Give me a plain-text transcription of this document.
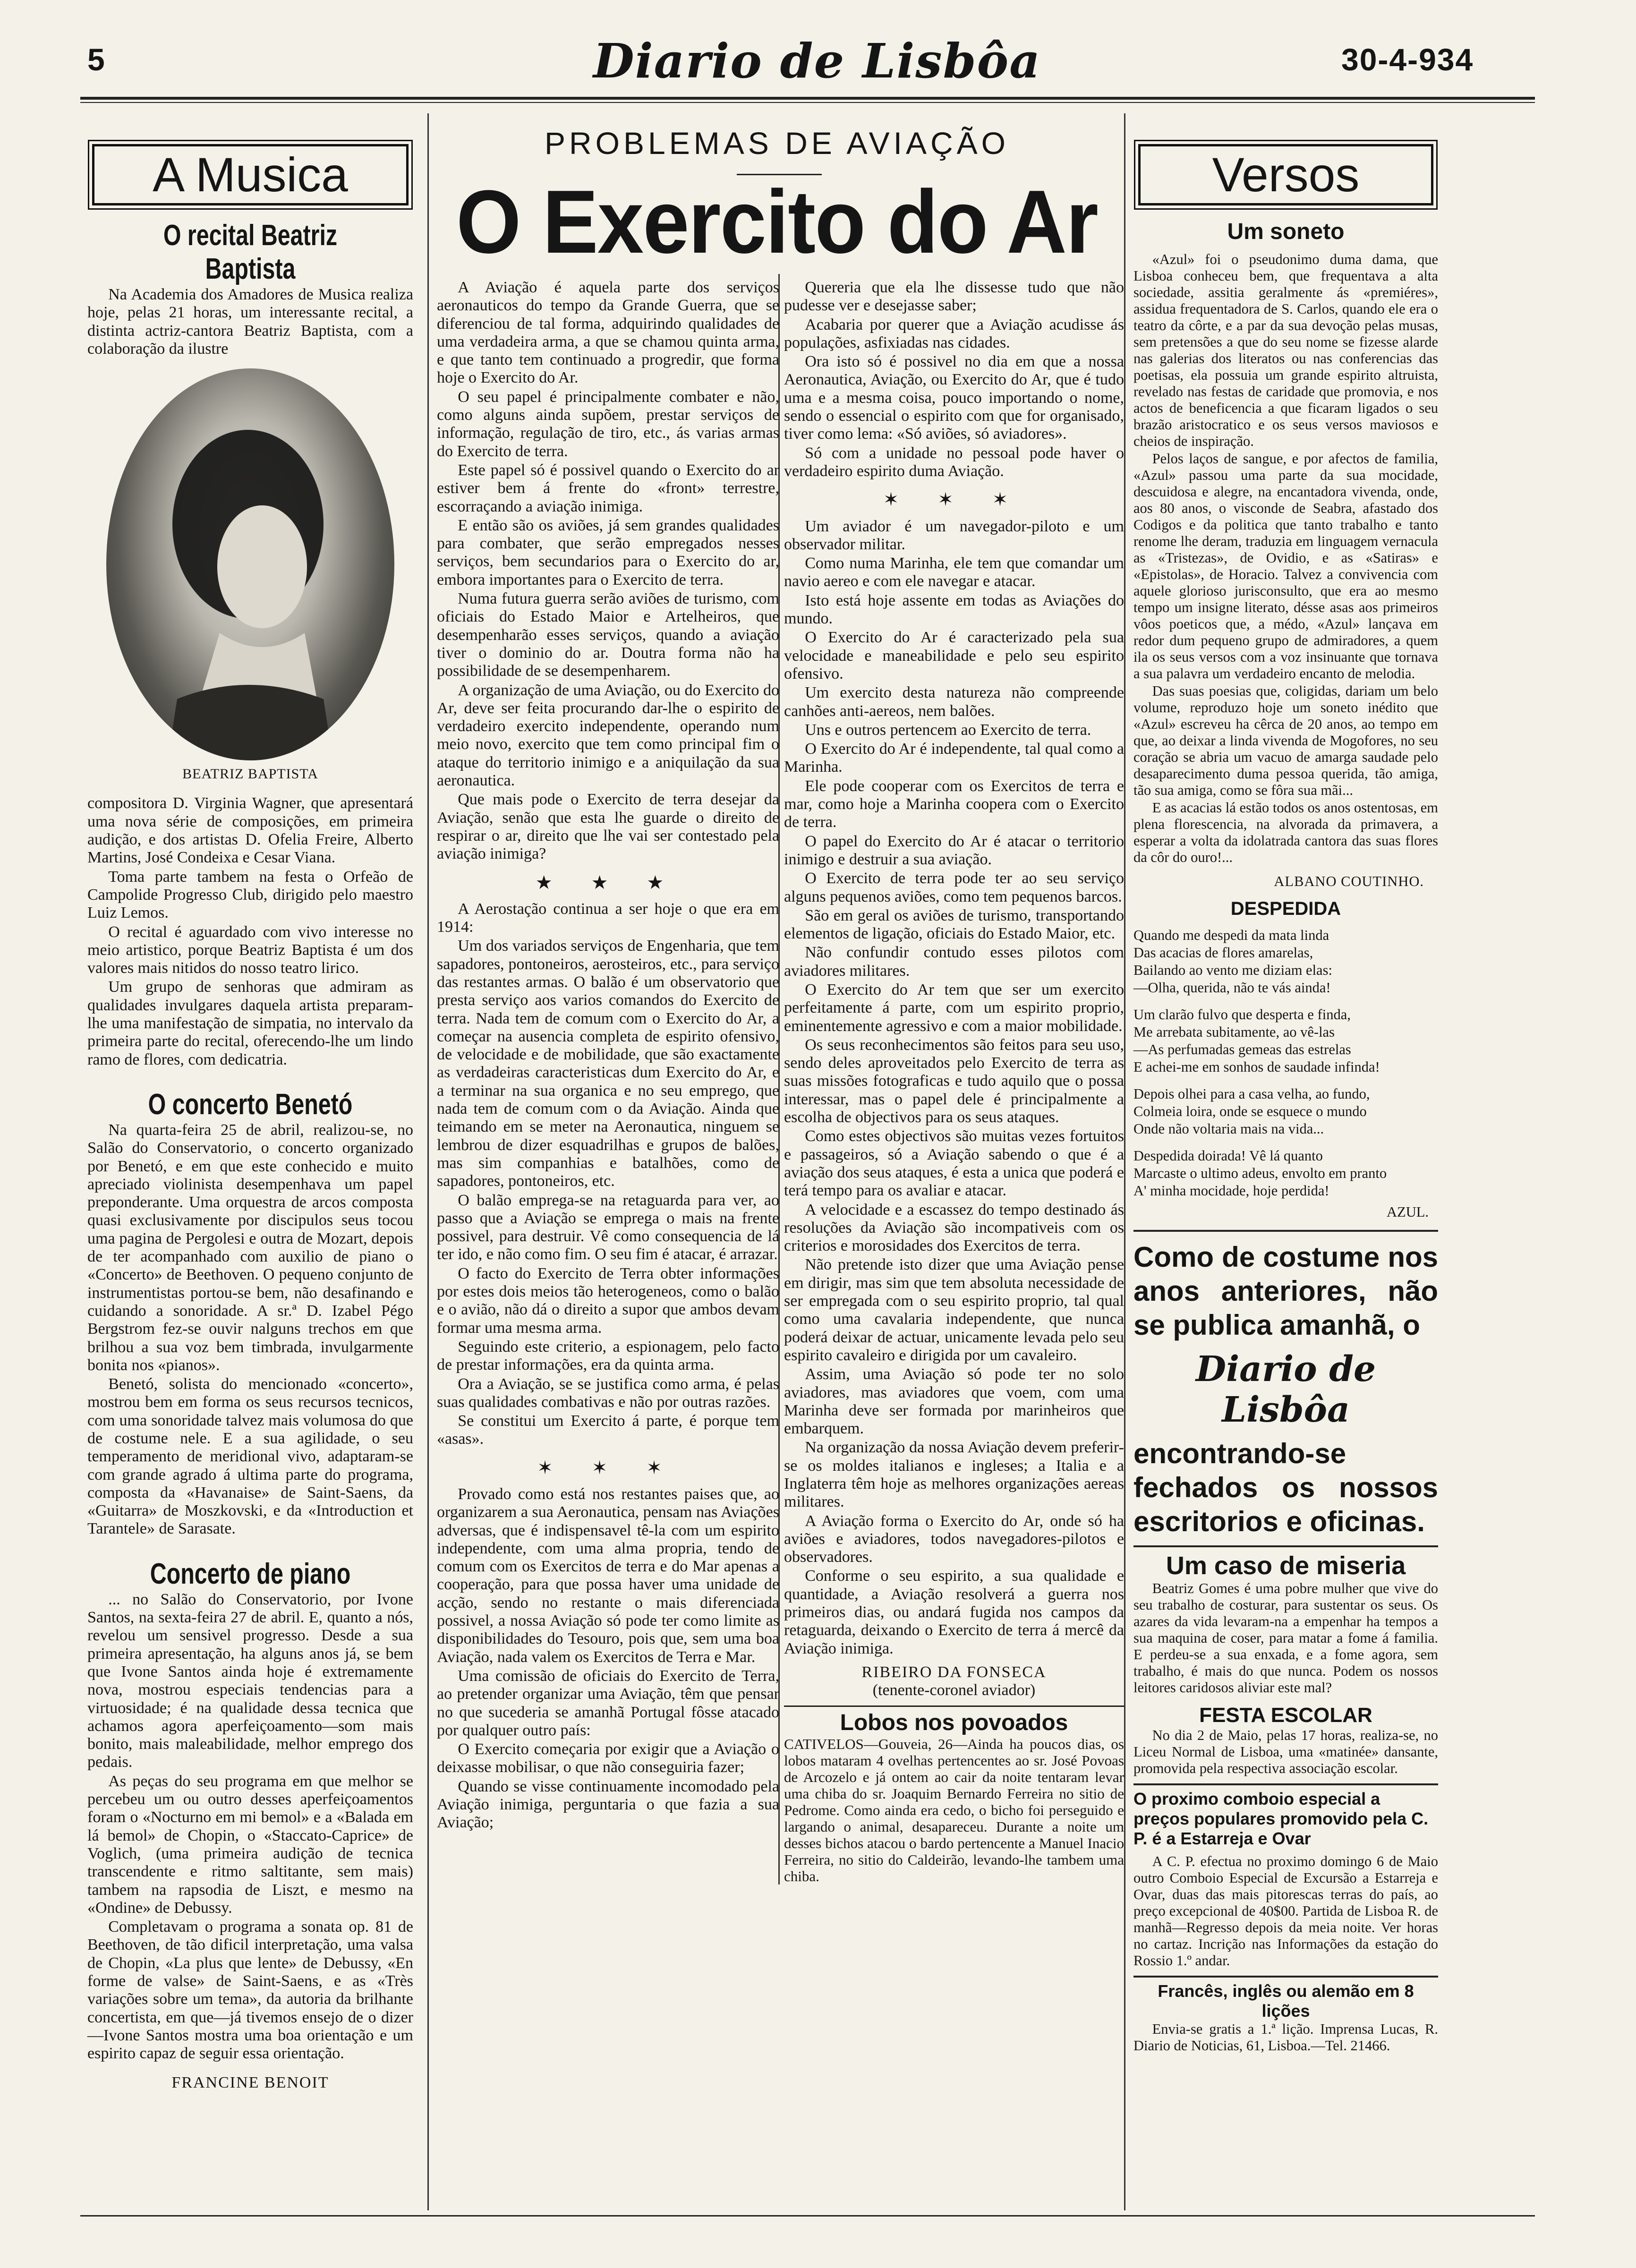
5	Diario de Lisbôa	30-4-934
A Musica
O recital Beatriz Baptista

Na Academia dos Amadores de Musica realiza hoje, pelas 21 horas, um interessante recital, a distinta actriz-cantora Beatriz Baptista, com a colaboração da ilustre

BEATRIZ BAPTISTA

compositora D. Virginia Wagner, que apresentará uma nova série de composições, em primeira audição, e dos artistas D. Ofelia Freire, Alberto Martins, José Condeixa e Cesar Viana.

Toma parte tambem na festa o Orfeão de Campolide Progresso Club, dirigido pelo maestro Luiz Lemos.

O recital é aguardado com vivo interesse no meio artistico, porque Beatriz Baptista é um dos valores mais nitidos do nosso teatro lirico.

Um grupo de senhoras que admiram as qualidades invulgares daquela artista preparam-lhe uma manifestação de simpatia, no intervalo da primeira parte do recital, oferecendo-lhe um lindo ramo de flores, com dedicatria.

O concerto Benetó

Na quarta-feira 25 de abril, realizou-se, no Salão do Conservatorio, o concerto organizado por Benetó, e em que este conhecido e muito apreciado violinista desempenhava um papel preponderante. Uma orquestra de arcos composta quasi exclusivamente por discipulos seus tocou uma pagina de Pergolesi e outra de Mozart, depois de ter acompanhado com auxilio de piano o «Concerto» de Beethoven. O pequeno conjunto de instrumentistas portou-se bem, não desafinando e cuidando a sonoridade. A sr.ª D. Izabel Pégo Bergstrom fez-se ouvir nalguns trechos em que brilhou a sua voz bem timbrada, invulgarmente bonita nos «pianos».

Benetó, solista do mencionado «concerto», mostrou bem em forma os seus recursos tecnicos, com uma sonoridade talvez mais volumosa do que de costume nele. E a sua agilidade, o seu temperamento de meridional vivo, adaptaram-se com grande agrado á ultima parte do programa, composta da «Havanaise» de Saint-Saens, da «Guitarra» de Moszkovski, e da «Introduction et Tarantele» de Sarasate.

Concerto de piano

... no Salão do Conservatorio, por Ivone Santos, na sexta-feira 27 de abril. E, quanto a nós, revelou um sensivel progresso. Desde a sua primeira apresentação, ha alguns anos já, se bem que Ivone Santos ainda hoje é extremamente nova, mostrou especiais tendencias para a virtuosidade; é na qualidade dessa tecnica que achamos agora aperfeiçoamento—som mais bonito, mais maleabilidade, melhor emprego dos pedais.

As peças do seu programa em que melhor se percebeu um ou outro desses aperfeiçoamentos foram o «Nocturno em mi bemol» e a «Balada em lá bemol» de Chopin, o «Staccato-Caprice» de Voglich, (uma primeira audição de tecnica transcendente e ritmo saltitante, sem mais) tambem na rapsodia de Liszt, e mesmo na «Ondine» de Debussy.

Completavam o programa a sonata op. 81 de Beethoven, de tão dificil interpretação, uma valsa de Chopin, «La plus que lente» de Debussy, «En forme de valse» de Saint-Saens, e as «Très variações sobre um tema», da autoria da brilhante concertista, em que—já tivemos ensejo de o dizer—Ivone Santos mostra uma boa orientação e um espirito capaz de seguir essa orientação.

FRANCINE BENOIT
PROBLEMAS DE AVIAÇÃO
O Exercito do Ar

A Aviação é aquela parte dos serviços aeronauticos do tempo da Grande Guerra, que se diferenciou de tal forma, adquirindo qualidades de uma verdadeira arma, a que se chamou quinta arma, e que tanto tem continuado a progredir, que forma hoje o Exercito do Ar.

O seu papel é principalmente combater e não, como alguns ainda supõem, prestar serviços de informação, regulação de tiro, etc., ás varias armas do Exercito de terra.

Este papel só é possivel quando o Exercito do ar estiver bem á frente do «front» terrestre, escorraçando a aviação inimiga.

E então são os aviões, já sem grandes qualidades para combater, que serão empregados nesses serviços, bem secundarios para o Exercito do ar, embora importantes para o Exercito de terra.

Numa futura guerra serão aviões de turismo, com oficiais do Estado Maior e Artelheiros, que desempenharão esses serviços, quando a aviação tiver o dominio do ar. Doutra forma não ha possibilidade de se desempenharem.

A organização de uma Aviação, ou do Exercito do Ar, deve ser feita procurando dar-lhe o espirito de verdadeiro exercito independente, operando num meio novo, exercito que tem como principal fim o ataque do territorio inimigo e a aniquilação da sua aeronautica.

Que mais pode o Exercito de terra desejar da Aviação, senão que esta lhe guarde o direito de respirar o ar, direito que lhe vai ser contestado pela aviação inimiga?

★ ★ ★

A Aerostação continua a ser hoje o que era em 1914:

Um dos variados serviços de Engenharia, que tem sapadores, pontoneiros, aerosteiros, etc., para serviço das restantes armas. O balão é um observatorio que presta serviço aos varios comandos do Exercito de terra. Nada tem de comum com o Exercito do Ar, a começar na ausencia completa de espirito ofensivo, de velocidade e de mobilidade, que são exactamente as verdadeiras caracteristicas dum Exercito do Ar, e a terminar na sua organica e no seu emprego, que nada tem de comum com o da Aviação. Ainda que teimando em se meter na Aeronautica, ninguem se lembrou de dizer esquadrilhas e grupos de balões, mas sim companhias e batalhões, como de sapadores, pontoneiros, etc.

O balão emprega-se na retaguarda para ver, ao passo que a Aviação se emprega o mais na frente possivel, para destruir. Vê como consequencia de lá ter ido, e não como fim. O seu fim é atacar, é arrazar.

O facto do Exercito de Terra obter informações por estes dois meios tão heterogeneos, como o balão e o avião, não dá o direito a supor que ambos devam formar uma mesma arma.

Seguindo este criterio, a espionagem, pelo facto de prestar informações, era da quinta arma.

Ora a Aviação, se se justifica como arma, é pelas suas qualidades combativas e não por outras razões.

Se constitui um Exercito á parte, é porque tem «asas».

✶ ✶ ✶

Provado como está nos restantes paises que, ao organizarem a sua Aeronautica, pensam nas Aviações adversas, que é indispensavel tê-la com um espirito independente, com uma alma propria, tendo de comum com os Exercitos de terra e do Mar apenas a cooperação, para que possa haver uma unidade de acção, sendo no restante o mais diferenciada possivel, a nossa Aviação só pode ter como limite as disponibilidades do Tesouro, pois que, sem uma boa Aviação, nada valem os Exercitos de Terra e Mar.

Uma comissão de oficiais do Exercito de Terra, ao pretender organizar uma Aviação, têm que pensar no que sucederia se amanhã Portugal fôsse atacado por qualquer outro país:

O Exercito começaria por exigir que a Aviação o deixasse mobilisar, o que não conseguiria fazer;

Quando se visse continuamente incomodado pela Aviação inimiga, perguntaria o que fazia a sua Aviação;

Quereria que ela lhe dissesse tudo que não pudesse ver e desejasse saber;

Acabaria por querer que a Aviação acudisse ás populações, asfixiadas nas cidades.

Ora isto só é possivel no dia em que a nossa Aeronautica, Aviação, ou Exercito do Ar, que é tudo uma e a mesma coisa, pouco importando o nome, sendo o essencial o espirito com que for organisado, tiver como lema: «Só aviões, só aviadores».

Só com a unidade no pessoal pode haver o verdadeiro espirito duma Aviação.

✶ ✶ ✶

Um aviador é um navegador-piloto e um observador militar.

Como numa Marinha, ele tem que comandar um navio aereo e com ele navegar e atacar.

Isto está hoje assente em todas as Aviações do mundo.

O Exercito do Ar é caracterizado pela sua velocidade e maneabilidade e pelo seu espirito ofensivo.

Um exercito desta natureza não compreende canhões anti-aereos, nem balões.

Uns e outros pertencem ao Exercito de terra.

O Exercito do Ar é independente, tal qual como a Marinha.

Ele pode cooperar com os Exercitos de terra e mar, como hoje a Marinha coopera com o Exercito de terra.

O papel do Exercito do Ar é atacar o territorio inimigo e destruir a sua aviação.

O Exercito de terra pode ter ao seu serviço alguns pequenos aviões, como tem pequenos barcos.

São em geral os aviões de turismo, transportando elementos de ligação, oficiais do Estado Maior, etc.

Não confundir contudo esses pilotos com aviadores militares.

O Exercito do Ar tem que ser um exercito perfeitamente á parte, com um espirito proprio, eminentemente agressivo e com a maior mobilidade.

Os seus reconhecimentos são feitos para seu uso, sendo deles aproveitados pelo Exercito de terra as suas missões fotograficas e tudo aquilo que o possa interessar, mas o papel dele é principalmente a escolha de objectivos para os seus ataques.

Como estes objectivos são muitas vezes fortuitos e passageiros, só a Aviação sabendo o que é a aviação dos seus ataques, é esta a unica que poderá e terá tempo para os avaliar e atacar.

A velocidade e a escassez do tempo destinado ás resoluções da Aviação são incompativeis com os criterios e morosidades dos Exercitos de terra.

Não pretende isto dizer que uma Aviação pense em dirigir, mas sim que tem absoluta necessidade de ser empregada com o seu espirito proprio, tal qual como uma cavalaria independente, que nunca poderá deixar de actuar, unicamente levada pelo seu espirito cavaleiro e dirigida por um cavaleiro.

Assim, uma Aviação só pode ter no solo aviadores, mas aviadores que voem, com uma Marinha deve ser formada por marinheiros que embarquem.

Na organização da nossa Aviação devem preferir-se os moldes italianos e ingleses; a Italia e a Inglaterra têm hoje as melhores organizações aereas militares.

A Aviação forma o Exercito do Ar, onde só ha aviões e aviadores, todos navegadores-pilotos e observadores.

Conforme o seu espirito, a sua qualidade e quantidade, a Aviação resolverá a guerra nos primeiros dias, ou andará fugida nos campos da retaguarda, deixando o Exercito de terra á mercê da Aviação inimiga.

RIBEIRO DA FONSECA
(tenente-coronel aviador)
Lobos nos povoados

CATIVELOS—Gouveia, 26—Ainda ha poucos dias, os lobos mataram 4 ovelhas pertencentes ao sr. José Povoas de Arcozelo e já ontem ao cair da noite tentaram levar uma chiba do sr. Joaquim Bernardo Ferreira no sitio de Pedrome. Como ainda era cedo, o bicho foi perseguido e largando o animal, desapareceu. Durante a noite um desses bichos atacou o bardo pertencente a Manuel Inacio Ferreira, no sitio do Caldeirão, levando-lhe tambem uma chiba.

Versos
Um soneto

«Azul» foi o pseudonimo duma dama, que Lisboa conheceu bem, que frequentava a alta sociedade, assitia geralmente ás «premiéres», assidua frequentadora de S. Carlos, quando ele era o teatro da côrte, e a par da sua devoção pelas musas, sem pretensões a que do seu nome se fizesse alarde nas galerias dos literatos ou nas conferencias das poetisas, ela possuia um grande espirito altruista, revelado nas festas de caridade que promovia, e nos actos de beneficencia a que ficaram ligados o seu brazão aristocratico e os seus versos maviosos e cheios de inspiração.

Pelos laços de sangue, e por afectos de familia, «Azul» passou uma parte da sua mocidade, descuidosa e alegre, na encantadora vivenda, onde, aos 80 anos, o visconde de Seabra, afastado dos Codigos e da politica que tanto trabalho e tanto renome lhe deram, traduzia em linguagem vernacula as «Tristezas», de Ovidio, e as «Satiras» e «Epistolas», de Horacio. Talvez a convivencia com aquele glorioso jurisconsulto, que era ao mesmo tempo um insigne literato, désse asas aos primeiros vôos poeticos que, a médo, «Azul» lançava em redor dum pequeno grupo de admiradores, a quem ila os seus versos com a voz insinuante que tornava a sua palavra um verdadeiro encanto de melodia.

Das suas poesias que, coligidas, dariam um belo volume, reproduzo hoje um soneto inédito que «Azul» escreveu ha cêrca de 20 anos, ao tempo em que, ao deixar a linda vivenda de Mogofores, no seu coração se abria um vacuo de amarga saudade pelo desaparecimento duma pessoa querida, tão amiga, tão sua amiga, como se fôra sua mãi...

E as acacias lá estão todos os anos ostentosas, em plena florescencia, na alvorada da primavera, a esperar a volta da idolatrada cantora das suas flores da côr do ouro!...

ALBANO COUTINHO.
DESPEDIDA

Quando me despedi da mata linda

Das acacias de flores amarelas,

Bailando ao vento me diziam elas:

—Olha, querida, não te vás ainda!

Um clarão fulvo que desperta e finda,

Me arrebata subitamente, ao vê-las

—As perfumadas gemeas das estrelas

E achei-me em sonhos de saudade infinda!

Depois olhei para a casa velha, ao fundo,

Colmeia loira, onde se esquece o mundo

Onde não voltaria mais na vida...

Despedida doirada! Vê lá quanto

Marcaste o ultimo adeus, envolto em pranto

A' minha mocidade, hoje perdida!

AZUL.
Como de costume nos anos anteriores, não se publica amanhã, o
Diario de Lisbôa
encontrando-se fechados os nossos escritorios e oficinas.
Um caso de miseria

Beatriz Gomes é uma pobre mulher que vive do seu trabalho de costurar, para sustentar os seus. Os azares da vida levaram-na a empenhar ha tempos a sua maquina de coser, para matar a fome á familia. E perdeu-se a sua enxada, e a fome agora, sem trabalho, é mais do que nunca. Podem os nossos leitores caridosos aliviar este mal?

FESTA ESCOLAR

No dia 2 de Maio, pelas 17 horas, realiza-se, no Liceu Normal de Lisboa, uma «matinée» dansante, promovida pela respectiva associação escolar.

O proximo comboio especial a preços populares promovido pela C. P. é a Estarreja e Ovar

A C. P. efectua no proximo domingo 6 de Maio outro Comboio Especial de Excursão a Estarreja e Ovar, duas das mais pitorescas terras do país, ao preço excepcional de 40$00. Partida de Lisboa R. de manhã—Regresso depois da meia noite. Ver horas no cartaz. Incrição nas Informações da estação do Rossio 1.º andar.

Francês, inglês ou alemão em 8 lições

Envia-se gratis a 1.ª lição. Imprensa Lucas, R. Diario de Noticias, 61, Lisboa.—Tel. 21466.
